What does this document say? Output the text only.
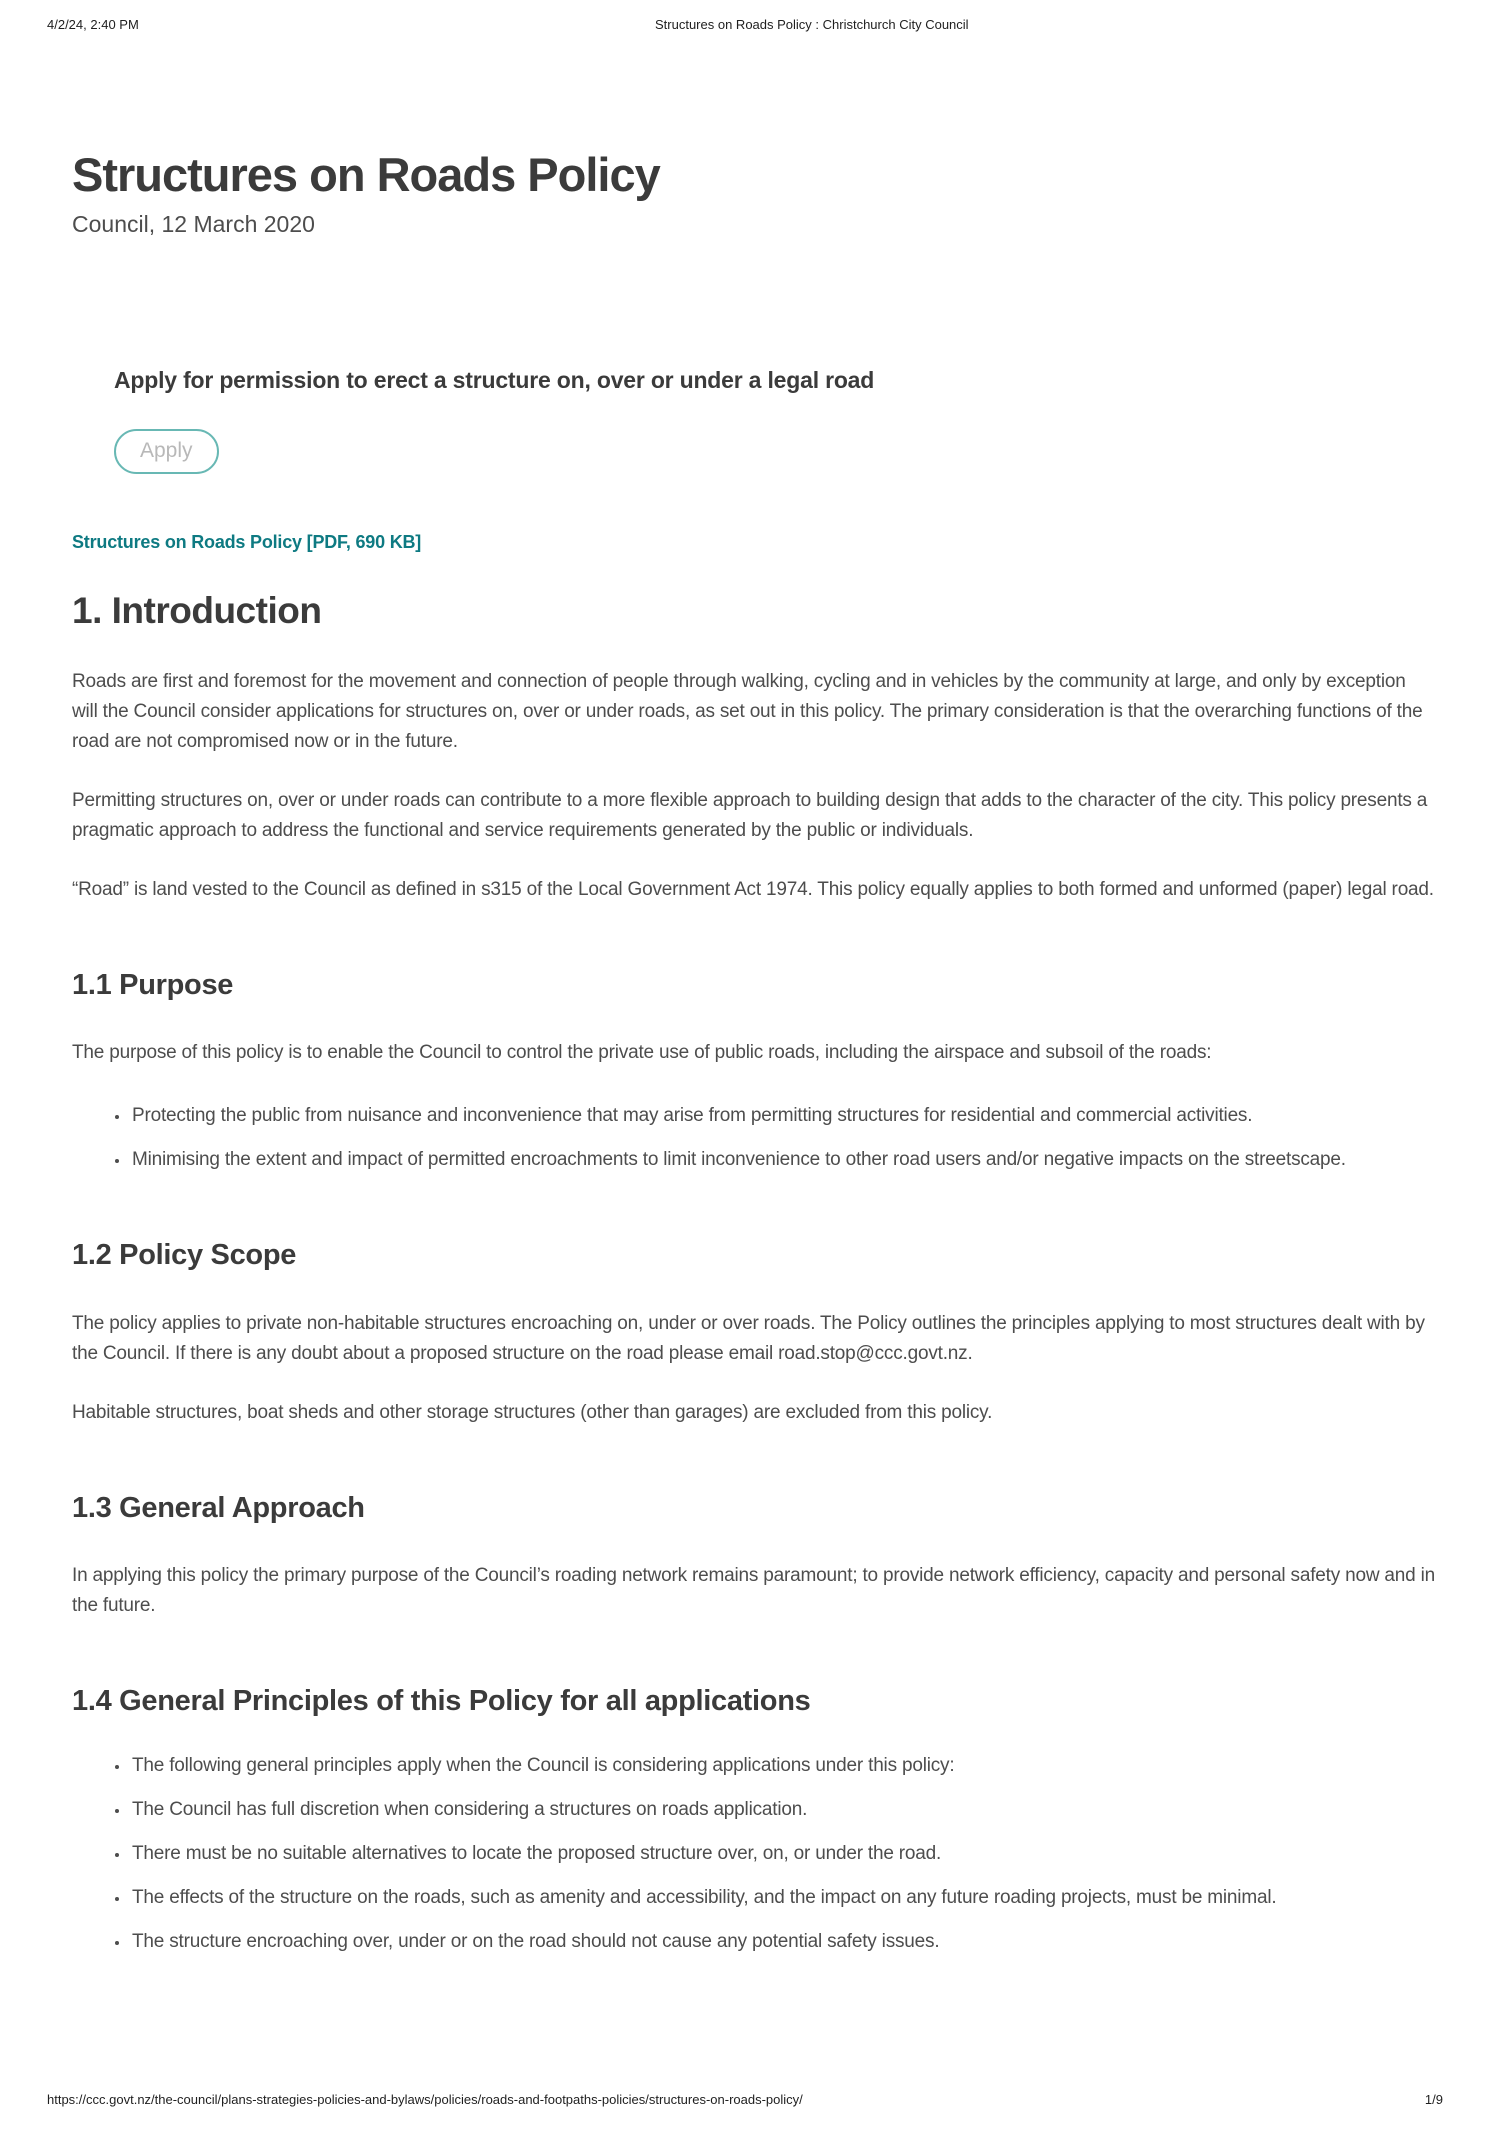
4/2/24, 2:40 PM	Structures on Roads Policy : Christchurch City Council
Structures on Roads Policy

Council, 12 March 2020

Apply for permission to erect a structure on, over or under a legal road

Apply
Structures on Roads Policy [PDF, 690 KB]
1. Introduction

Roads are first and foremost for the movement and connection of people through walking, cycling and in vehicles by the community at large, and only by exception will the Council consider applications for structures on, over or under roads, as set out in this policy. The primary consideration is that the overarching functions of the road are not compromised now or in the future.

Permitting structures on, over or under roads can contribute to a more flexible approach to building design that adds to the character of the city. This policy presents a pragmatic approach to address the functional and service requirements generated by the public or individuals.

“Road” is land vested to the Council as defined in s315 of the Local Government Act 1974. This policy equally applies to both formed and unformed (paper) legal road.

1.1 Purpose

The purpose of this policy is to enable the Council to control the private use of public roads, including the airspace and subsoil of the roads:

• Protecting the public from nuisance and inconvenience that may arise from permitting structures for residential and commercial activities.
• Minimising the extent and impact of permitted encroachments to limit inconvenience to other road users and/or negative impacts on the streetscape.
1.2 Policy Scope

The policy applies to private non-habitable structures encroaching on, under or over roads. The Policy outlines the principles applying to most structures dealt with by the Council. If there is any doubt about a proposed structure on the road please email road.stop@ccc.govt.nz.

Habitable structures, boat sheds and other storage structures (other than garages) are excluded from this policy.

1.3 General Approach

In applying this policy the primary purpose of the Council’s roading network remains paramount; to provide network efficiency, capacity and personal safety now and in the future.

1.4 General Principles of this Policy for all applications
• The following general principles apply when the Council is considering applications under this policy:
• The Council has full discretion when considering a structures on roads application.
• There must be no suitable alternatives to locate the proposed structure over, on, or under the road.
• The effects of the structure on the roads, such as amenity and accessibility, and the impact on any future roading projects, must be minimal.
• The structure encroaching over, under or on the road should not cause any potential safety issues.
https://ccc.govt.nz/the-council/plans-strategies-policies-and-bylaws/policies/roads-and-footpaths-policies/structures-on-roads-policy/	1/9
